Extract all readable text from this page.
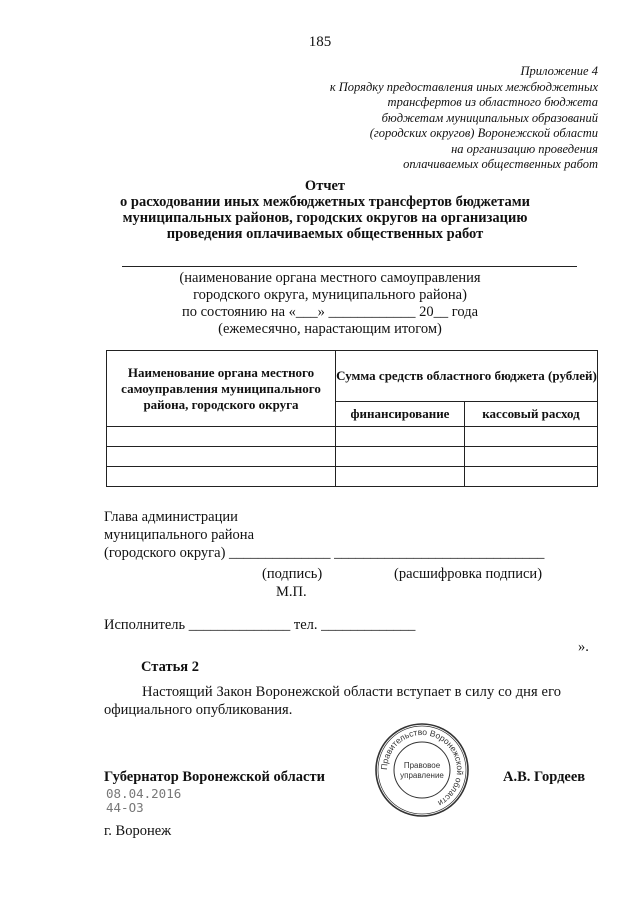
185
Приложение 4
к Порядку предоставления иных межбюджетных
трансфертов из областного бюджета
бюджетам муниципальных образований
(городских округов) Воронежской области
на организацию проведения
оплачиваемых общественных работ
Отчет
о расходовании иных межбюджетных трансфертов бюджетами
муниципальных районов, городских округов на организацию
проведения оплачиваемых общественных работ
(наименование органа местного самоуправления
городского округа, муниципального района)
по состоянию на «___» ____________ 20__ года
(ежемесячно, нарастающим итогом)
Наименование органа местного самоуправления муниципального района, городского округа	Сумма средств областного бюджета (рублей)	
	финансирование	кассовый расход

Глава администрации
муниципального района
(городского округа) ______________ _____________________________
(подпись)	(расшифровка подписи)
М.П.
Исполнитель ______________ тел. _____________
».
Статья 2
Настоящий Закон Воронежской области вступает в силу со дня его
официального опубликования.
Правительство Воронежской области
Правовое
управление
Губернатор Воронежской области	А.В. Гордеев
08.04.2016
44-ОЗ
г. Воронеж
